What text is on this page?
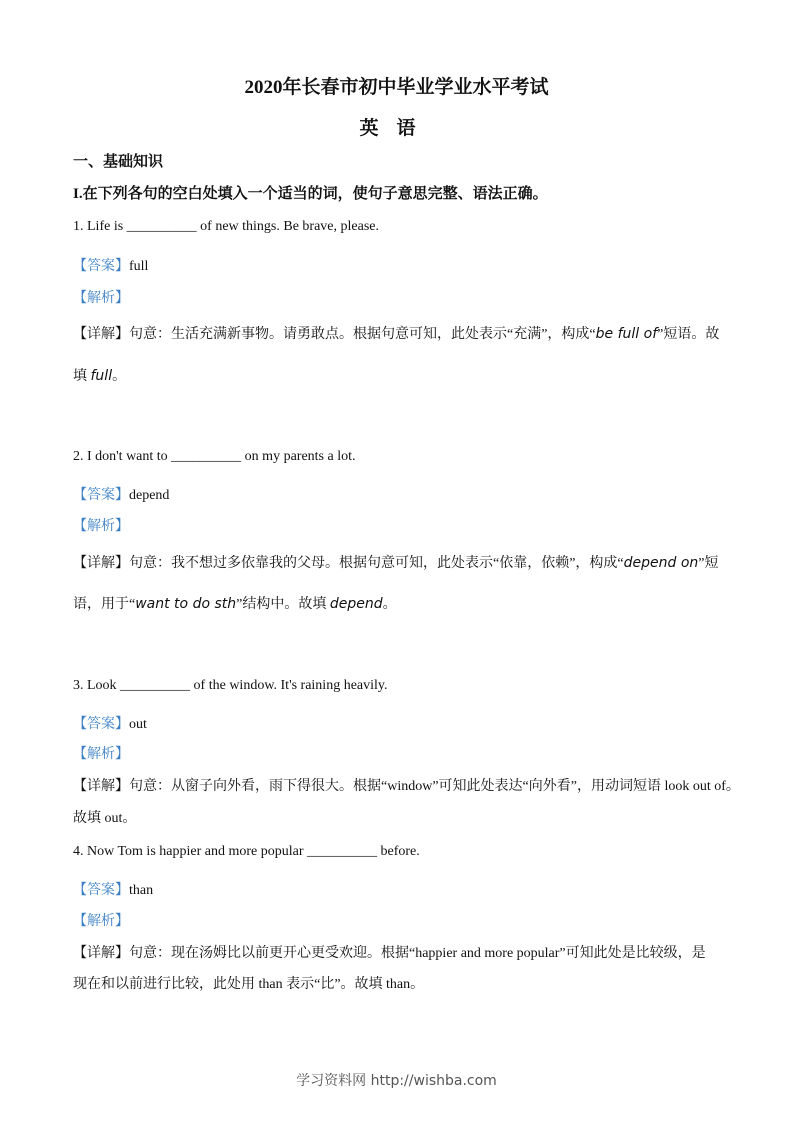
2020年长春市初中毕业学业水平考试
英语
一、基础知识
I.在下列各句的空白处填入一个适当的词，使句子意思完整、语法正确。
1. Life is __________ of new things. Be brave, please.
【答案】full
【解析】
【详解】句意：生活充满新事物。请勇敢点。根据句意可知，此处表示“充满”，构成“be full of”短语。故
填 full。
2. I don't want to __________ on my parents a lot.
【答案】depend
【解析】
【详解】句意：我不想过多依靠我的父母。根据句意可知，此处表示“依靠，依赖”，构成“depend on”短
语，用于“want to do sth”结构中。故填 depend。
3. Look __________ of the window. It's raining heavily.
【答案】out
【解析】
【详解】句意：从窗子向外看，雨下得很大。根据“window”可知此处表达“向外看”，用动词短语 look out of。
故填 out。
4. Now Tom is happier and more popular __________ before.
【答案】than
【解析】
【详解】句意：现在汤姆比以前更开心更受欢迎。根据“happier and more popular”可知此处是比较级，是
现在和以前进行比较，此处用 than 表示“比”。故填 than。
学习资料网 http://wishba.com
